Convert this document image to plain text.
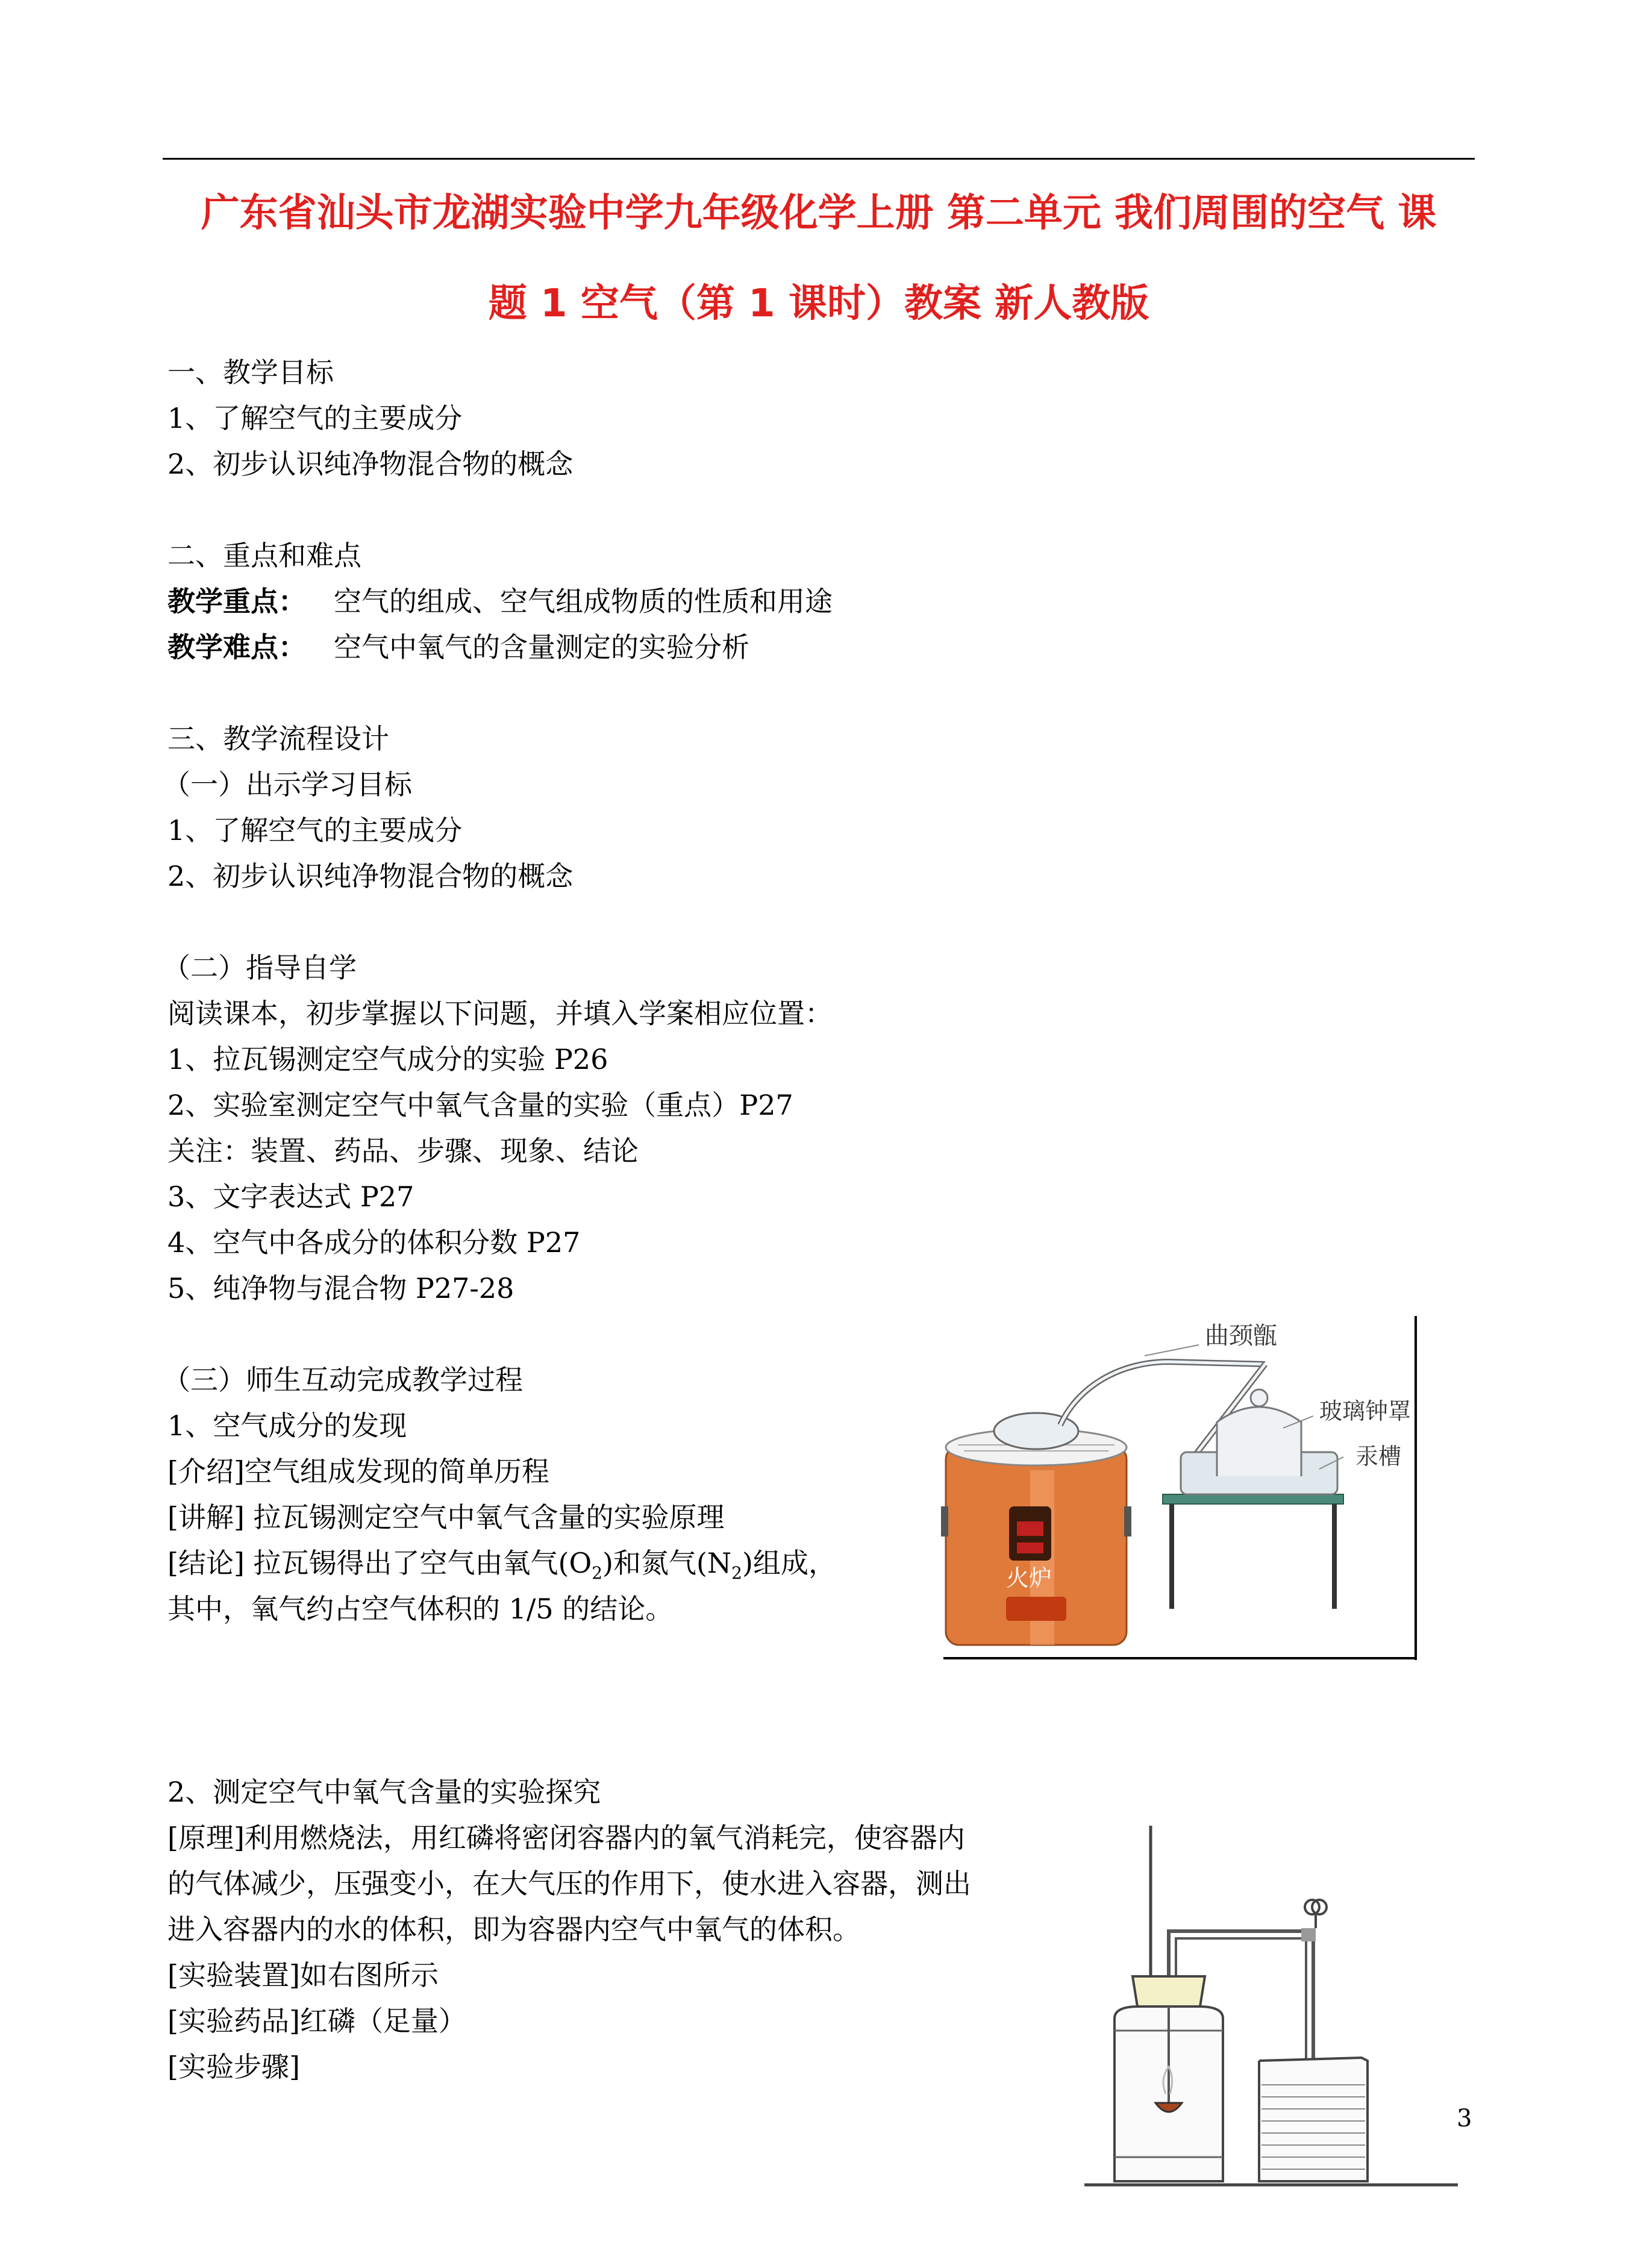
广东省汕头市龙湖实验中学九年级化学上册 第二单元 我们周围的空气 课
题 1 空气（第 1 课时）教案 新人教版
一、教学目标
1、了解空气的主要成分
2、初步认识纯净物混合物的概念
二、重点和难点
教学重点： 空气的组成、空气组成物质的性质和用途
教学难点： 空气中氧气的含量测定的实验分析
三、教学流程设计
（一）出示学习目标
1、了解空气的主要成分
2、初步认识纯净物混合物的概念
（二）指导自学
阅读课本，初步掌握以下问题，并填入学案相应位置：
1、拉瓦锡测定空气成分的实验 P26
2、实验室测定空气中氧气含量的实验（重点）P27
关注：装置、药品、步骤、现象、结论
3、文字表达式 P27
4、空气中各成分的体积分数 P27
5、纯净物与混合物 P27-28
（三）师生互动完成教学过程
1、空气成分的发现
[介绍]空气组成发现的简单历程
[讲解] 拉瓦锡测定空气中氧气含量的实验原理
[结论] 拉瓦锡得出了空气由氧气$(O_2)$和氮气$(N_2)$组成，
其中，氧气约占空气体积的 1/5 的结论。
2、测定空气中氧气含量的实验探究
[原理]利用燃烧法，用红磷将密闭容器内的氧气消耗完，使容器内
的气体减少，压强变小，在大气压的作用下，使水进入容器，测出
进入容器内的水的体积，即为容器内空气中氧气的体积。
[实验装置]如右图所示
[实验药品]红磷（足量）
[实验步骤]
3
曲颈甑
玻璃钟罩
汞槽
火炉
